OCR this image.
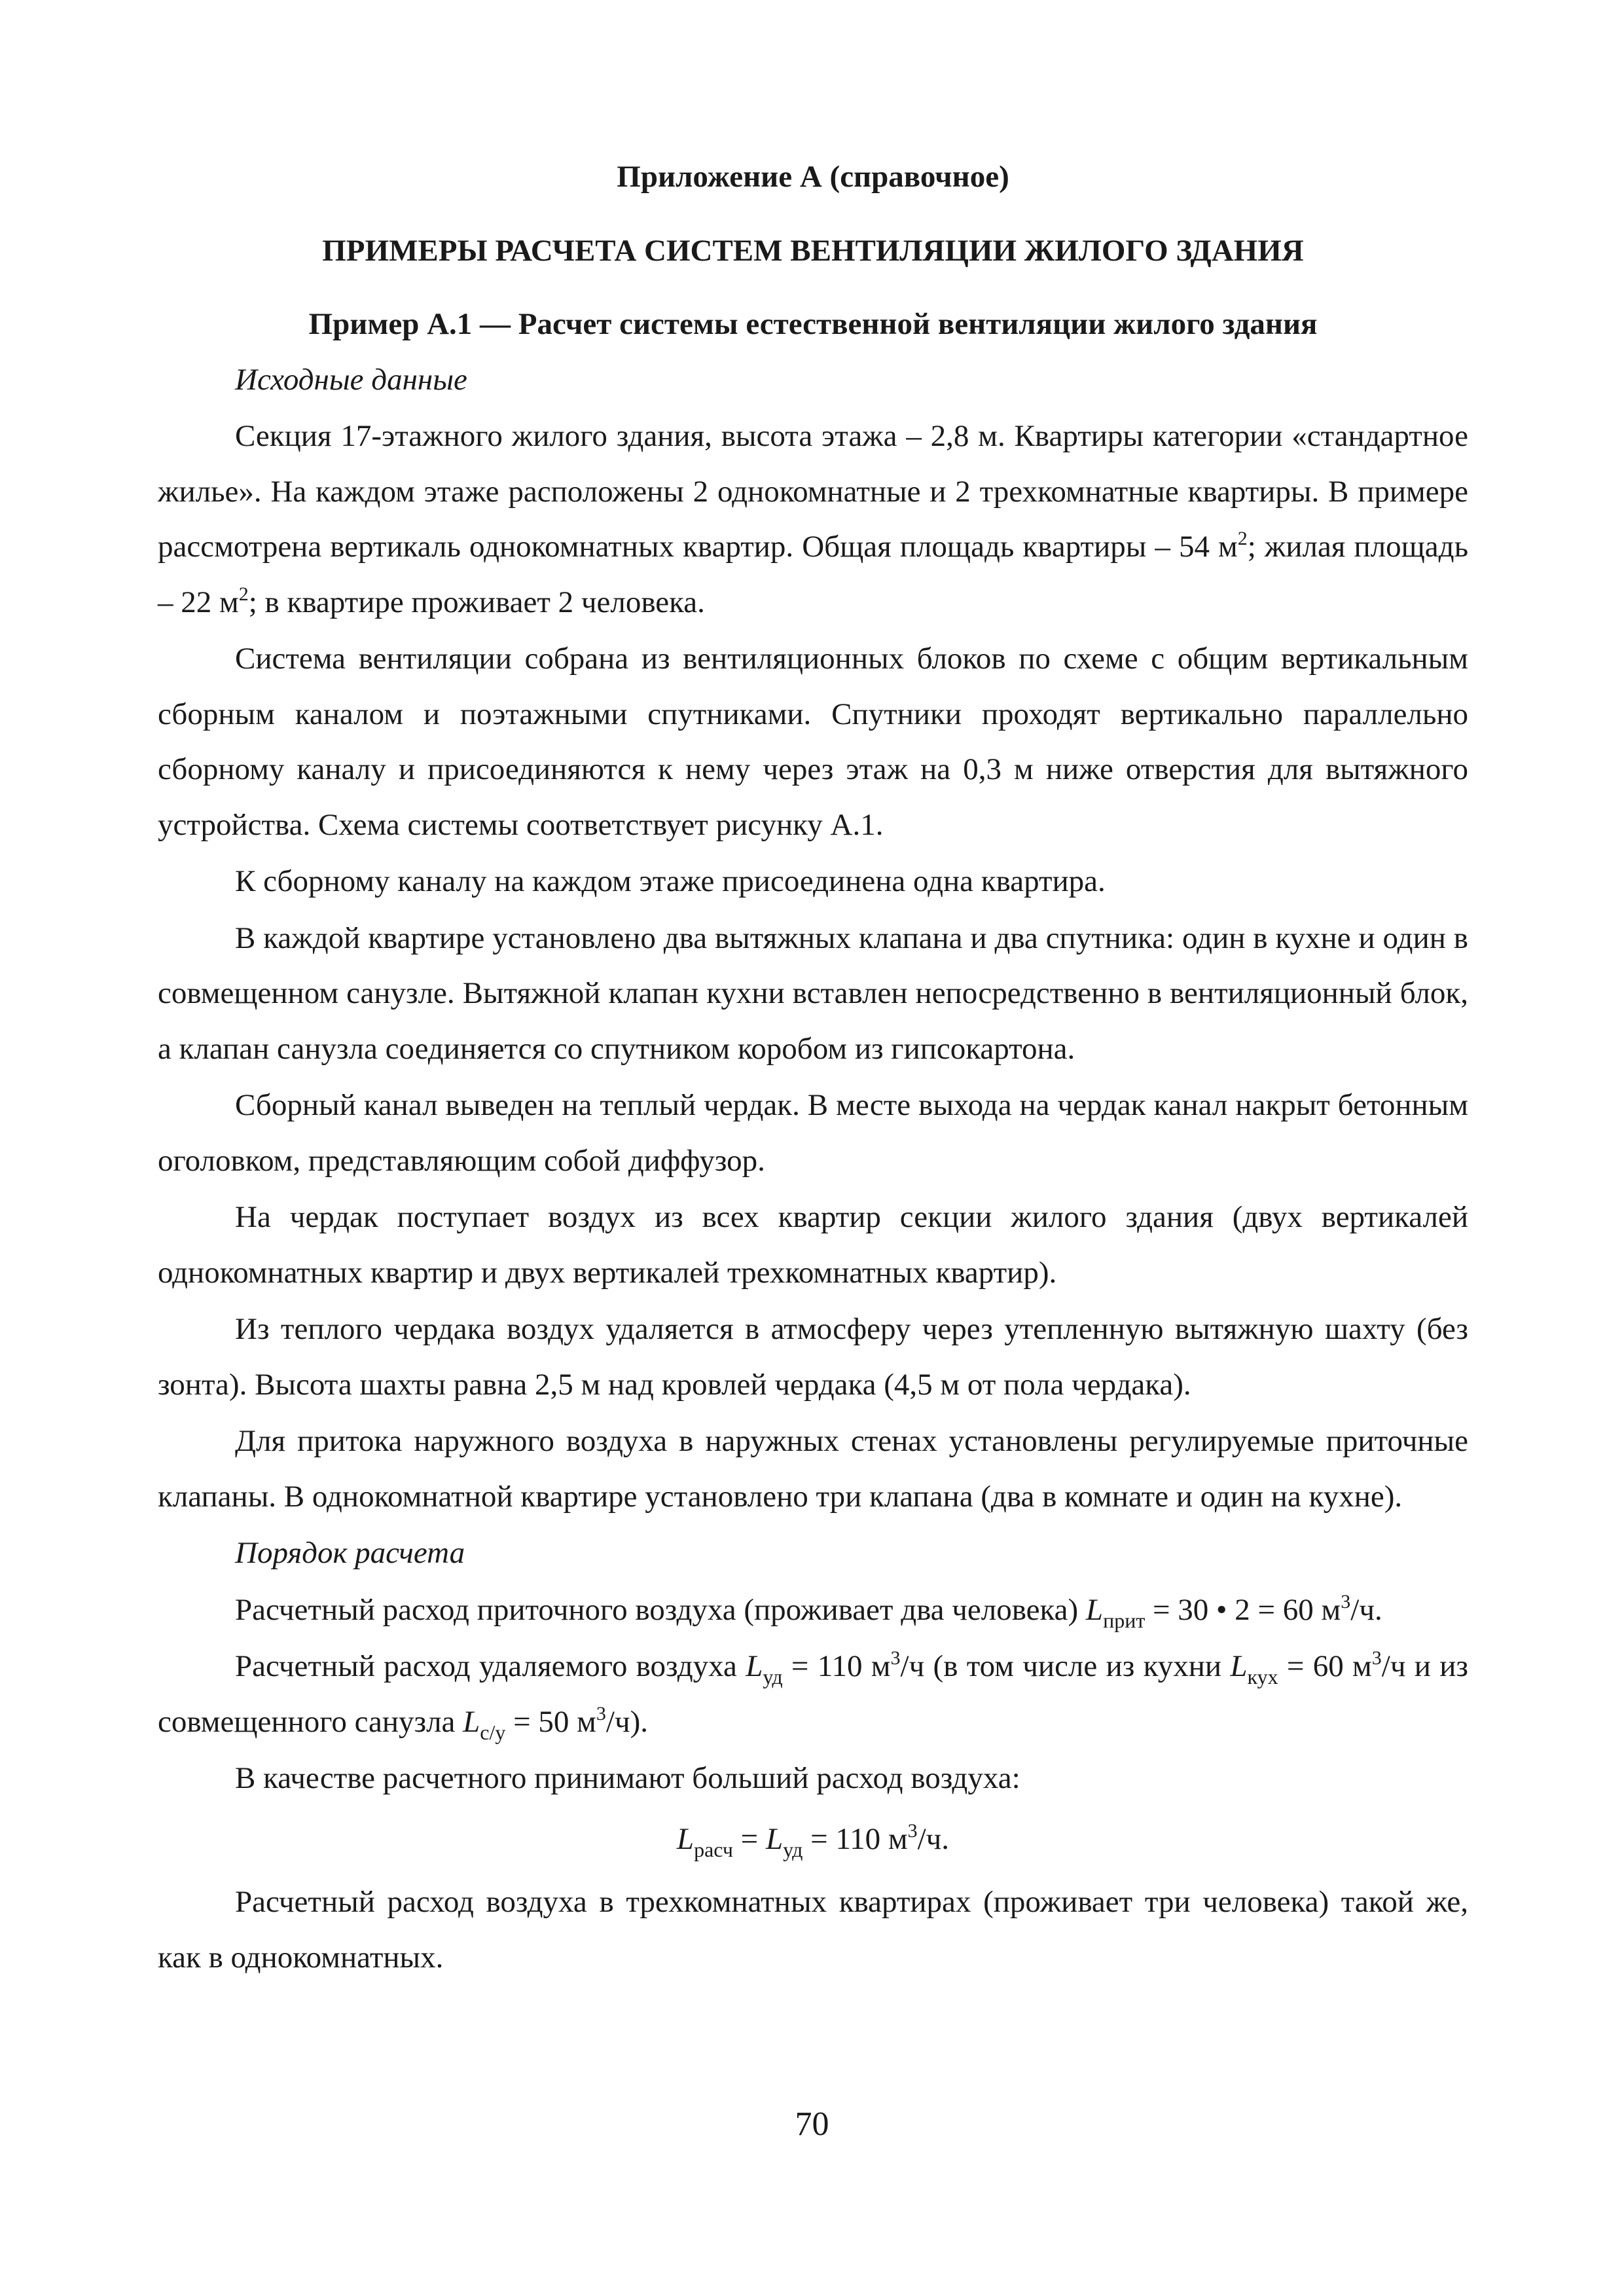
Приложение А (справочное)
ПРИМЕРЫ РАСЧЕТА СИСТЕМ ВЕНТИЛЯЦИИ ЖИЛОГО ЗДАНИЯ
Пример А.1 — Расчет системы естественной вентиляции жилого здания
Исходные данные

Секция 17-этажного жилого здания, высота этажа – 2,8 м. Квартиры категории «стандартное жилье». На каждом этаже расположены 2 однокомнатные и 2 трехкомнатные квартиры. В примере рассмотрена вертикаль однокомнатных квартир. Общая площадь квартиры – 54 $м^2$; жилая площадь – 22 $м^2$; в квартире проживает 2 человека.

Система вентиляции собрана из вентиляционных блоков по схеме с общим вертикальным сборным каналом и поэтажными спутниками. Спутники проходят вертикально параллельно сборному каналу и присоединяются к нему через этаж на 0,3 м ниже отверстия для вытяжного устройства. Схема системы соответствует рисунку А.1.

К сборному каналу на каждом этаже присоединена одна квартира.

В каждой квартире установлено два вытяжных клапана и два спутника: один в кухне и один в совмещенном санузле. Вытяжной клапан кухни вставлен непосредственно в вентиляционный блок, а клапан санузла соединяется со спутником коробом из гипсокартона.

Сборный канал выведен на теплый чердак. В месте выхода на чердак канал накрыт бетонным оголовком, представляющим собой диффузор.

На чердак поступает воздух из всех квартир секции жилого здания (двух вертикалей однокомнатных квартир и двух вертикалей трехкомнатных квартир).

Из теплого чердака воздух удаляется в атмосферу через утепленную вытяжную шахту (без зонта). Высота шахты равна 2,5 м над кровлей чердака (4,5 м от пола чердака).

Для притока наружного воздуха в наружных стенах установлены регулируемые приточные клапаны. В однокомнатной квартире установлено три клапана (два в комнате и один на кухне).

Порядок расчета

Расчетный расход приточного воздуха (проживает два человека) $L_{прит} = 30$ • 2 = 60 $м^3/ч$.

Расчетный расход удаляемого воздуха $L_{уд} = 110$ $м^3/ч$ (в том числе из кухни $L_{кух} = 60$ $м^3/ч$ и из совмещенного санузла $L_{с/у} = 50$ $м^3/ч$).

В качестве расчетного принимают больший расход воздуха:

$L_{расч} = L_{уд} = 110$ $м^3/ч$.

Расчетный расход воздуха в трехкомнатных квартирах (проживает три человека) такой же, как в однокомнатных.

70
